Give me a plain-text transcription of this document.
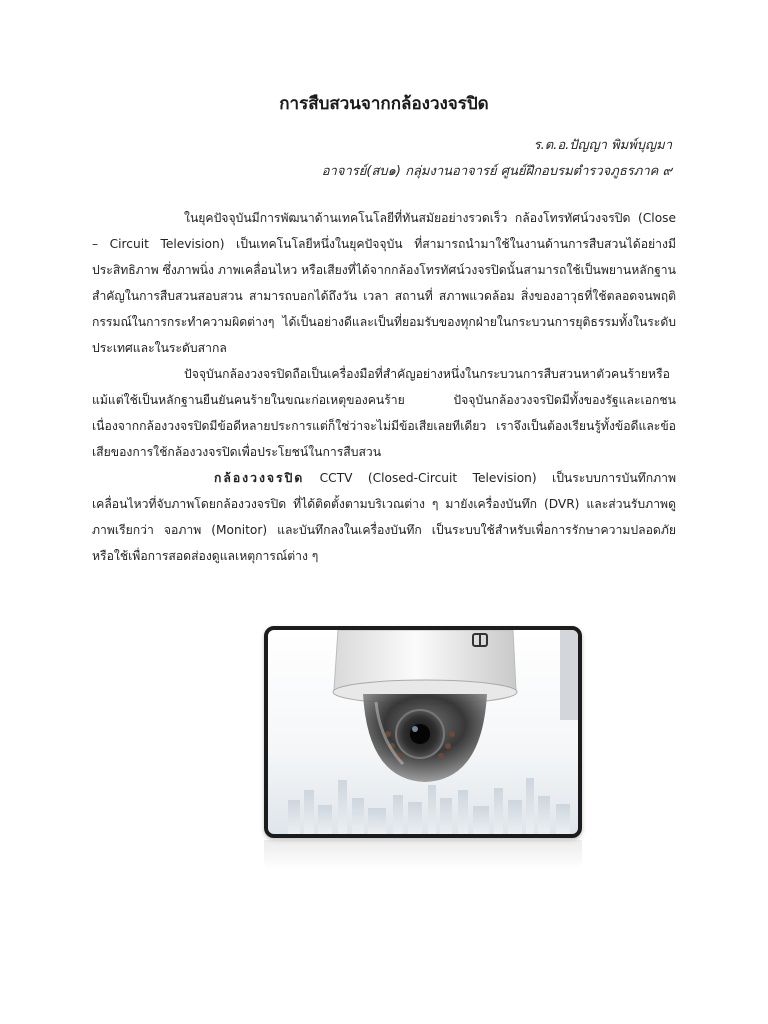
การสืบสวนจากกล้องวงจรปิด
ร.ต.อ.ปัญญา พิมพ์บุญมา
อาจารย์(สบ๑) กลุ่มงานอาจารย์ ศูนย์ฝึกอบรมตำรวจภูธรภาค ๙

ในยุคปัจจุบันมีการพัฒนาด้านเทคโนโลยีที่ทันสมัยอย่างรวดเร็ว กล้องโทรทัศน์วงจรปิด (Close – Circuit Television) เป็นเทคโนโลยีหนึ่งในยุคปัจจุบัน ที่สามารถนำมาใช้ในงานด้านการสืบสวนได้อย่างมีประสิทธิภาพ ซึ่งภาพนิ่ง ภาพเคลื่อนไหว หรือเสียงที่ได้จากกล้องโทรทัศน์วงจรปิดนั้นสามารถใช้เป็นพยานหลักฐานสำคัญในการสืบสวนสอบสวน สามารถบอกได้ถึงวัน เวลา สถานที่ สภาพแวดล้อม สิ่งของอาวุธที่ใช้ตลอดจนพฤติกรรมณ์ในการกระทำความผิดต่างๆ ได้เป็นอย่างดีและเป็นที่ยอมรับของทุกฝ่ายในกระบวนการยุติธรรมทั้งในระดับประเทศและในระดับสากล

ปัจจุบันกล้องวงจรปิดถือเป็นเครื่องมือที่สำคัญอย่างหนึ่งในกระบวนการสืบสวนหาตัวคนร้ายหรือแม้แต่ใช้เป็นหลักฐานยืนยันคนร้ายในขณะก่อเหตุของคนร้าย ปัจจุบันกล้องวงจรปิดมีทั้งของรัฐและเอกชนเนื่องจากกล้องวงจรปิดมีข้อดีหลายประการแต่ก็ใช่ว่าจะไม่มีข้อเสียเลยทีเดียว เราจึงเป็นต้องเรียนรู้ทั้งข้อดีและข้อเสียของการใช้กล้องวงจรปิดเพื่อประโยชน์ในการสืบสวน

กล้องวงจรปิด CCTV (Closed-Circuit Television) เป็นระบบการบันทึกภาพเคลื่อนไหวที่จับภาพโดยกล้องวงจรปิด ที่ได้ติดตั้งตามบริเวณต่าง ๆ มายังเครื่องบันทึก (DVR) และส่วนรับภาพดูภาพเรียกว่า จอภาพ (Monitor) และบันทึกลงในเครื่องบันทึก เป็นระบบใช้สำหรับเพื่อการรักษาความปลอดภัย หรือใช้เพื่อการสอดส่องดูแลเหตุการณ์ต่าง ๆ
